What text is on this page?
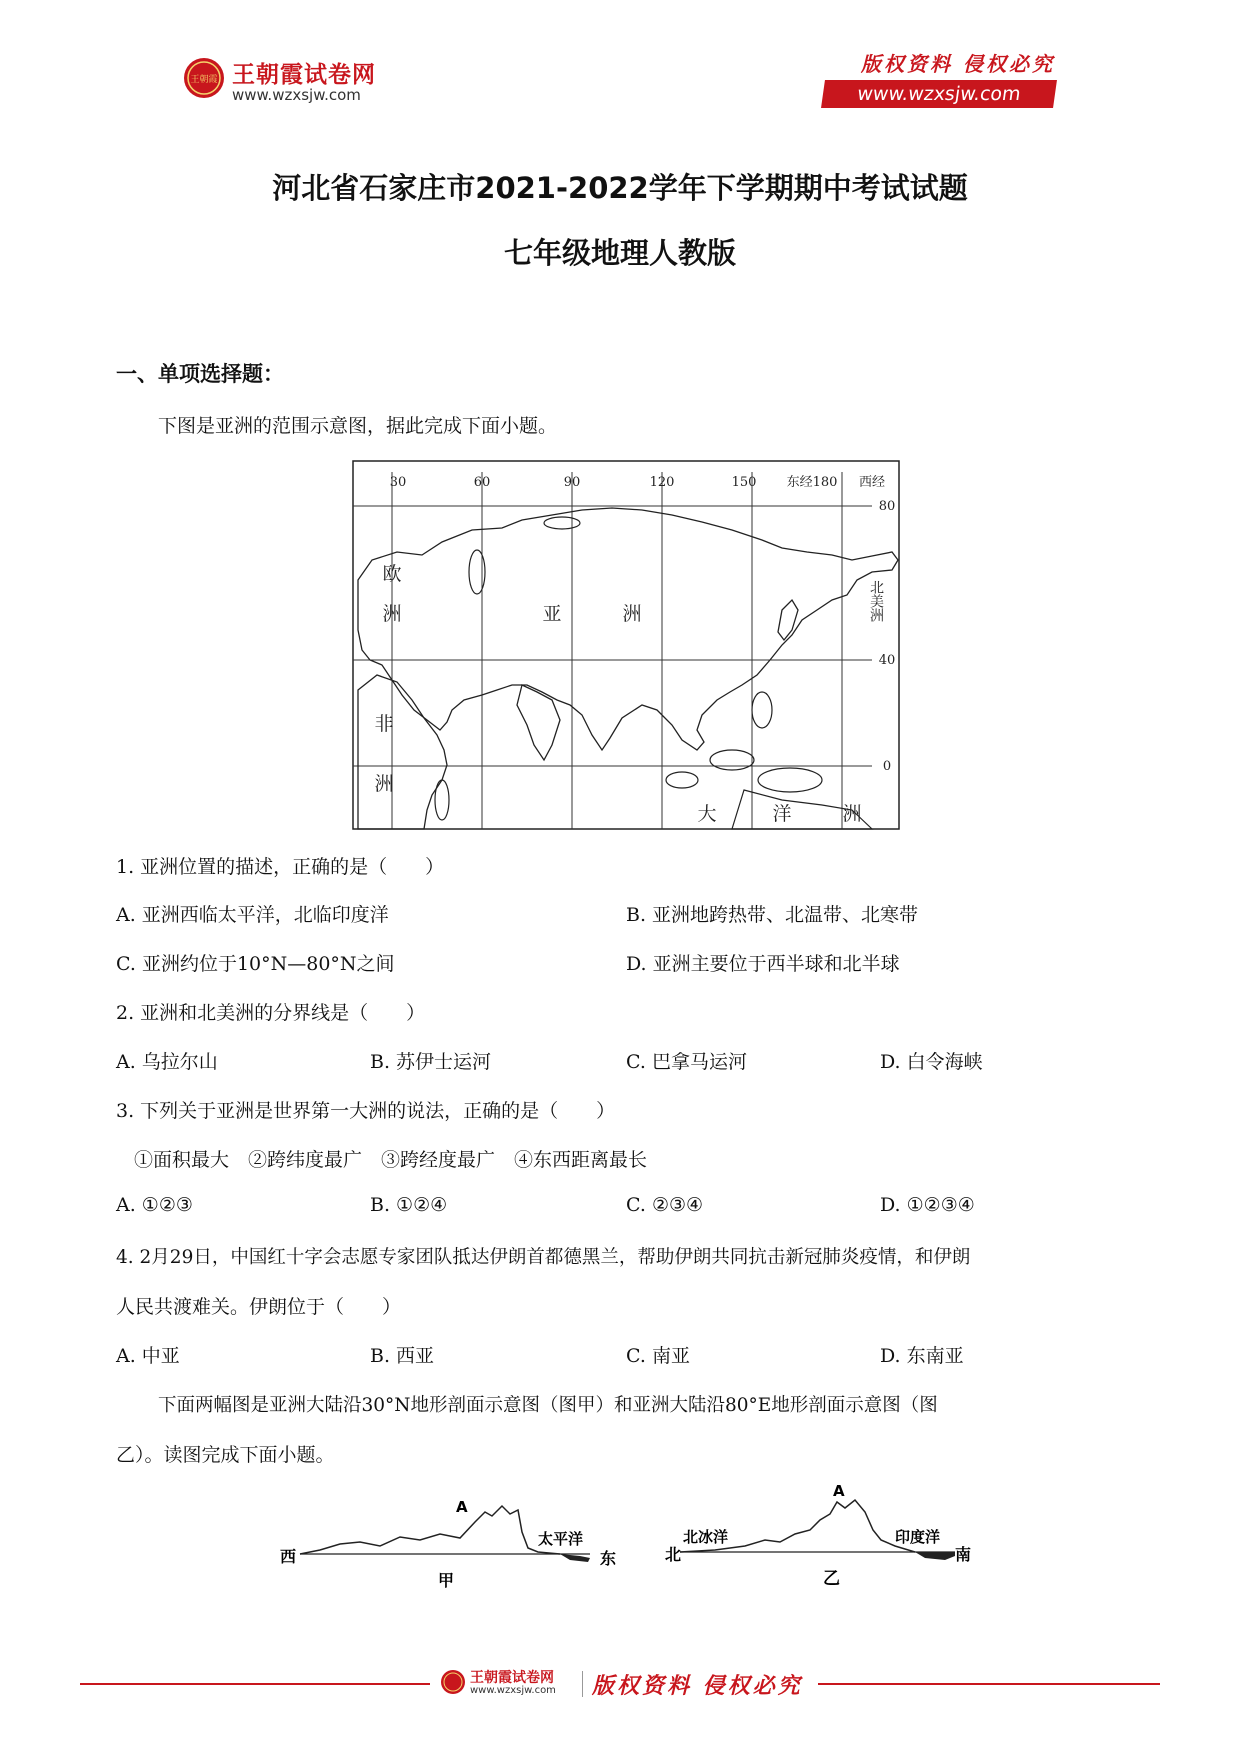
王朝霞 王朝霞试卷网
www.wzxsjw.com
版权资料 侵权必究
www.wzxsjw.com
河北省石家庄市2021-2022学年下学期期中考试试题
七年级地理人教版
一、单项选择题：
下图是亚洲的范围示意图，据此完成下面小题。
30	60	90	120	150 东经180 西经
80
40
0
欧
洲	亚	洲
非
洲
大	洋	洲
北美洲
1. 亚洲位置的描述，正确的是（　　）
A. 亚洲西临太平洋，北临印度洋	B. 亚洲地跨热带、北温带、北寒带
C. 亚洲约位于10°N—80°N之间	D. 亚洲主要位于西半球和北半球
2. 亚洲和北美洲的分界线是（　　）
A. 乌拉尔山	B. 苏伊士运河	C. 巴拿马运河	D. 白令海峡
3. 下列关于亚洲是世界第一大洲的说法，正确的是（　　）
①面积最大　②跨纬度最广　③跨经度最广　④东西距离最长
A. ①②③	B. ①②④	C. ②③④	D. ①②③④
4. 2月29日，中国红十字会志愿专家团队抵达伊朗首都德黑兰，帮助伊朗共同抗击新冠肺炎疫情，和伊朗
人民共渡难关。伊朗位于（　　）
A. 中亚	B. 西亚	C. 南亚	D. 东南亚
下面两幅图是亚洲大陆沿30°N地形剖面示意图（图甲）和亚洲大陆沿80°E地形剖面示意图（图
乙）。读图完成下面小题。
西	东
A
太平洋
甲
北	南
A
北冰洋	印度洋
乙
王朝霞试卷网
www.wzxsjw.com 版权资料 侵权必究
